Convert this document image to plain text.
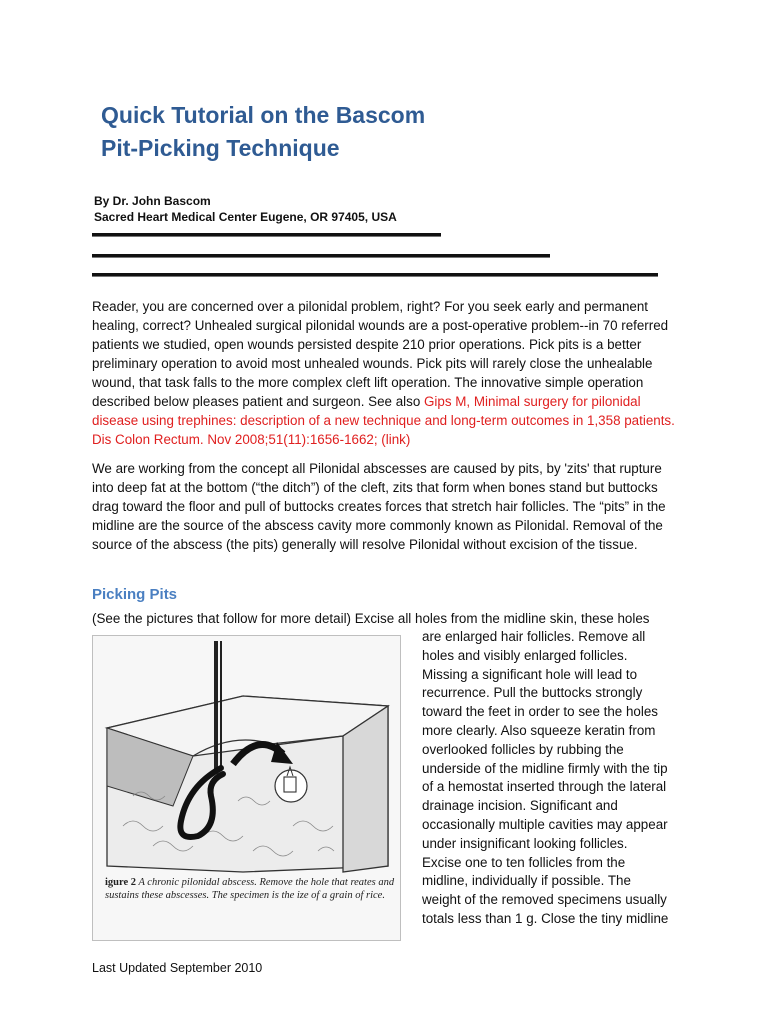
Quick Tutorial on the Bascom
Pit-Picking Technique
By Dr. John Bascom
Sacred Heart Medical Center Eugene, OR 97405, USA
Reader, you are concerned over a pilonidal problem, right? For you seek early and permanent healing, correct? Unhealed surgical pilonidal wounds are a post-operative problem--in 70 referred patients we studied, open wounds persisted despite 210 prior operations. Pick pits is a better preliminary operation to avoid most unhealed wounds. Pick pits will rarely close the unhealable wound, that task falls to the more complex cleft lift operation. The innovative simple operation described below pleases patient and surgeon. See also Gips M, Minimal surgery for pilonidal disease using trephines: description of a new technique and long-term outcomes in 1,358 patients. Dis Colon Rectum. Nov 2008;51(11):1656-1662; (link)
We are working from the concept all Pilonidal abscesses are caused by pits, by 'zits' that rupture into deep fat at the bottom (“the ditch”) of the cleft, zits that form when bones stand but buttocks drag toward the floor and pull of buttocks creates forces that stretch hair follicles. The “pits” in the midline are the source of the abscess cavity more commonly known as Pilonidal. Removal of the source of the abscess (the pits) generally will resolve Pilonidal without excision of the tissue.
Picking Pits
(See the pictures that follow for more detail) Excise all holes from the midline skin, these holes
are enlarged hair follicles. Remove all
holes and visibly enlarged follicles.
Missing a significant hole will lead to
recurrence. Pull the buttocks strongly
toward the feet in order to see the holes
more clearly. Also squeeze keratin from
overlooked follicles by rubbing the
underside of the midline firmly with the tip
of a hemostat inserted through the lateral
drainage incision. Significant and
occasionally multiple cavities may appear
under insignificant looking follicles.
Excise one to ten follicles from the
midline, individually if possible. The
weight of the removed specimens usually
totals less than 1 g. Close the tiny midline
igure 2 A chronic pilonidal abscess. Remove the hole that reates and sustains these abscesses. The specimen is the ize of a grain of rice.
Last Updated September 2010
